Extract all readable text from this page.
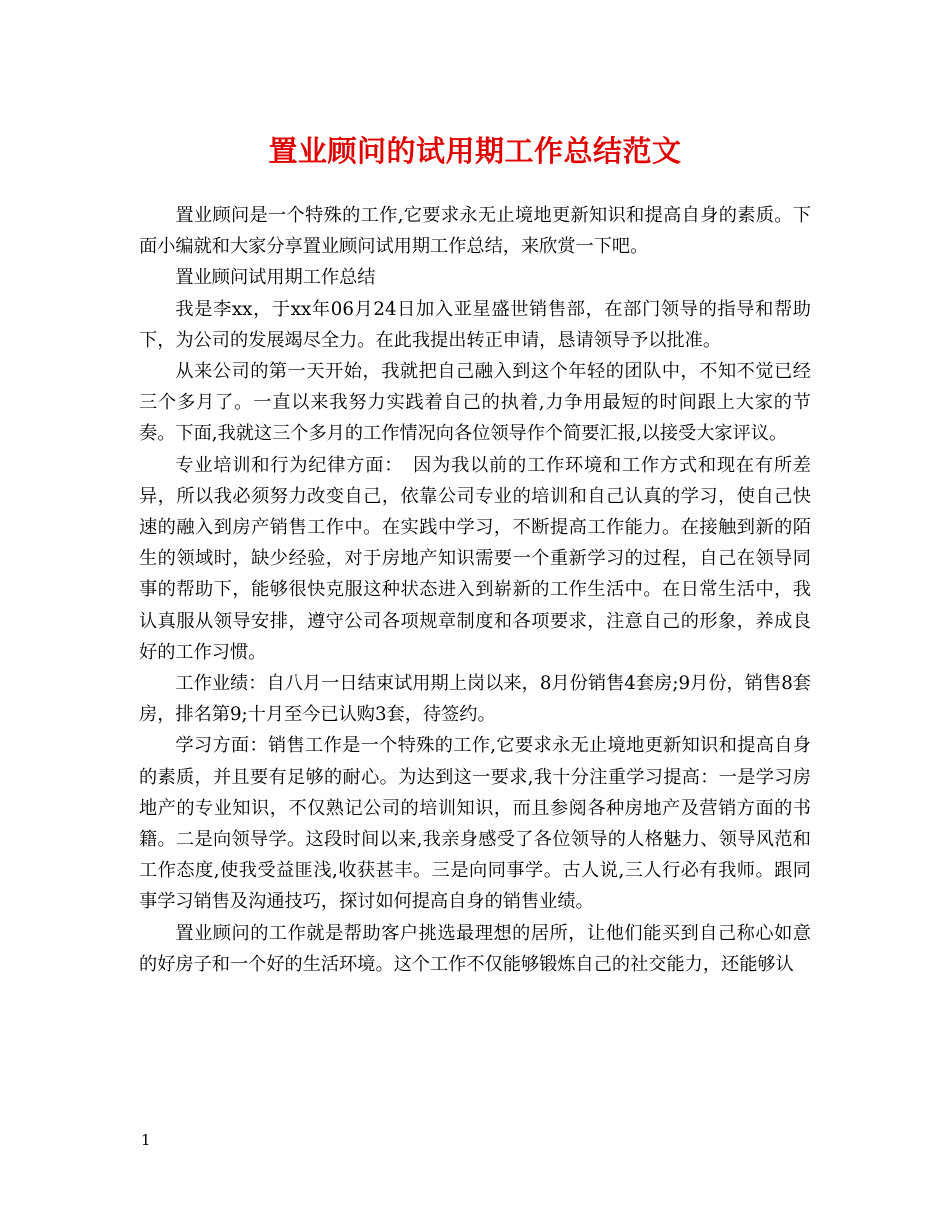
置业顾问的试用期工作总结范文

置业顾问是一个特殊的工作,它要求永无止境地更新知识和提高自身的素质。下面小编就和大家分享置业顾问试用期工作总结，来欣赏一下吧。

置业顾问试用期工作总结

我是李xx，于xx年06月24日加入亚星盛世销售部，在部门领导的指导和帮助下，为公司的发展竭尽全力。在此我提出转正申请，恳请领导予以批准。

从来公司的第一天开始，我就把自己融入到这个年轻的团队中，不知不觉已经三个多月了。一直以来我努力实践着自己的执着,力争用最短的时间跟上大家的节奏。下面,我就这三个多月的工作情况向各位领导作个简要汇报,以接受大家评议。

专业培训和行为纪律方面：　因为我以前的工作环境和工作方式和现在有所差异，所以我必须努力改变自己，依靠公司专业的培训和自己认真的学习，使自己快速的融入到房产销售工作中。在实践中学习，不断提高工作能力。在接触到新的陌生的领域时，缺少经验，对于房地产知识需要一个重新学习的过程，自己在领导同事的帮助下，能够很快克服这种状态进入到崭新的工作生活中。在日常生活中，我认真服从领导安排，遵守公司各项规章制度和各项要求，注意自己的形象，养成良好的工作习惯。

工作业绩：自八月一日结束试用期上岗以来，8月份销售4套房;9月份，销售8套房，排名第9;十月至今已认购3套，待签约。

学习方面：销售工作是一个特殊的工作,它要求永无止境地更新知识和提高自身的素质，并且要有足够的耐心。为达到这一要求,我十分注重学习提高：一是学习房地产的专业知识，不仅熟记公司的培训知识，而且参阅各种房地产及营销方面的书籍。二是向领导学。这段时间以来,我亲身感受了各位领导的人格魅力、领导风范和工作态度,使我受益匪浅,收获甚丰。三是向同事学。古人说,三人行必有我师。跟同事学习销售及沟通技巧，探讨如何提高自身的销售业绩。

置业顾问的工作就是帮助客户挑选最理想的居所，让他们能买到自己称心如意的好房子和一个好的生活环境。这个工作不仅能够锻炼自己的社交能力，还能够认

1
